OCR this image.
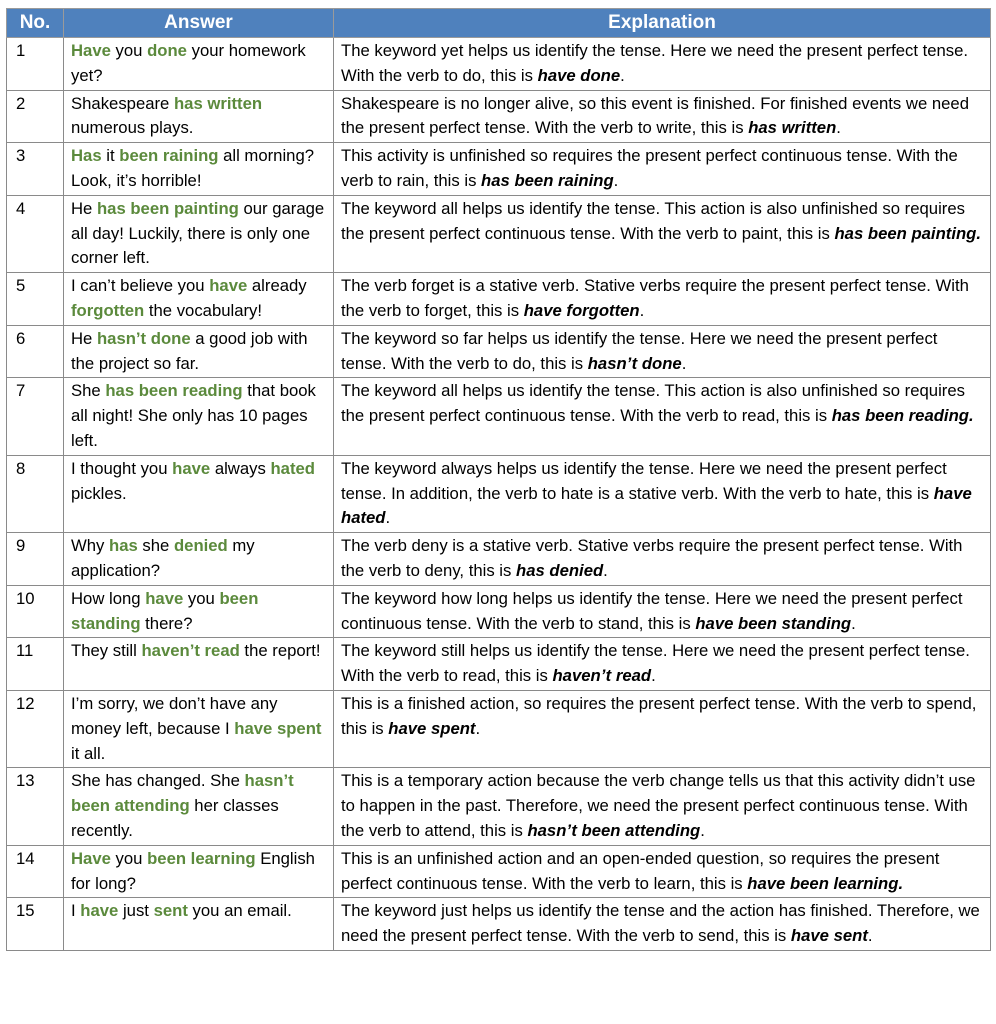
No.	Answer	Explanation
1	Have you done your homework yet?	The keyword yet helps us identify the tense. Here we need the present perfect tense. With the verb to do, this is have done.
2	Shakespeare has written numerous plays.	Shakespeare is no longer alive, so this event is finished. For finished events we need the present perfect tense. With the verb to write, this is has written.
3	Has it been raining all morning? Look, it’s horrible!	This activity is unfinished so requires the present perfect continuous tense. With the verb to rain, this is has been raining.
4	He has been painting our garage all day! Luckily, there is only one corner left.	The keyword all helps us identify the tense. This action is also unfinished so requires the present perfect continuous tense. With the verb to paint, this is has been painting.
5	I can’t believe you have already forgotten the vocabulary!	The verb forget is a stative verb. Stative verbs require the present perfect tense. With the verb to forget, this is have forgotten.
6	He hasn’t done a good job with the project so far.	The keyword so far helps us identify the tense. Here we need the present perfect tense. With the verb to do, this is hasn’t done.
7	She has been reading that book all night! She only has 10 pages left.	The keyword all helps us identify the tense. This action is also unfinished so requires the present perfect continuous tense. With the verb to read, this is has been reading.
8	I thought you have always hated pickles.	The keyword always helps us identify the tense. Here we need the present perfect tense. In addition, the verb to hate is a stative verb. With the verb to hate, this is have hated.
9	Why has she denied my application?	The verb deny is a stative verb. Stative verbs require the present perfect tense. With the verb to deny, this is has denied.
10	How long have you been standing there?	The keyword how long helps us identify the tense. Here we need the present perfect continuous tense. With the verb to stand, this is have been standing.
11	They still haven’t read the report!	The keyword still helps us identify the tense. Here we need the present perfect tense. With the verb to read, this is haven’t read.
12	I’m sorry, we don’t have any money left, because I have spent it all.	This is a finished action, so requires the present perfect tense. With the verb to spend, this is have spent.
13	She has changed. She hasn’t been attending her classes recently.	This is a temporary action because the verb change tells us that this activity didn’t use to happen in the past. Therefore, we need the present perfect continuous tense. With the verb to attend, this is hasn’t been attending.
14	Have you been learning English for long?	This is an unfinished action and an open-ended question, so requires the present perfect continuous tense. With the verb to learn, this is have been learning.
15	I have just sent you an email.	The keyword just helps us identify the tense and the action has finished. Therefore, we need the present perfect tense. With the verb to send, this is have sent.
